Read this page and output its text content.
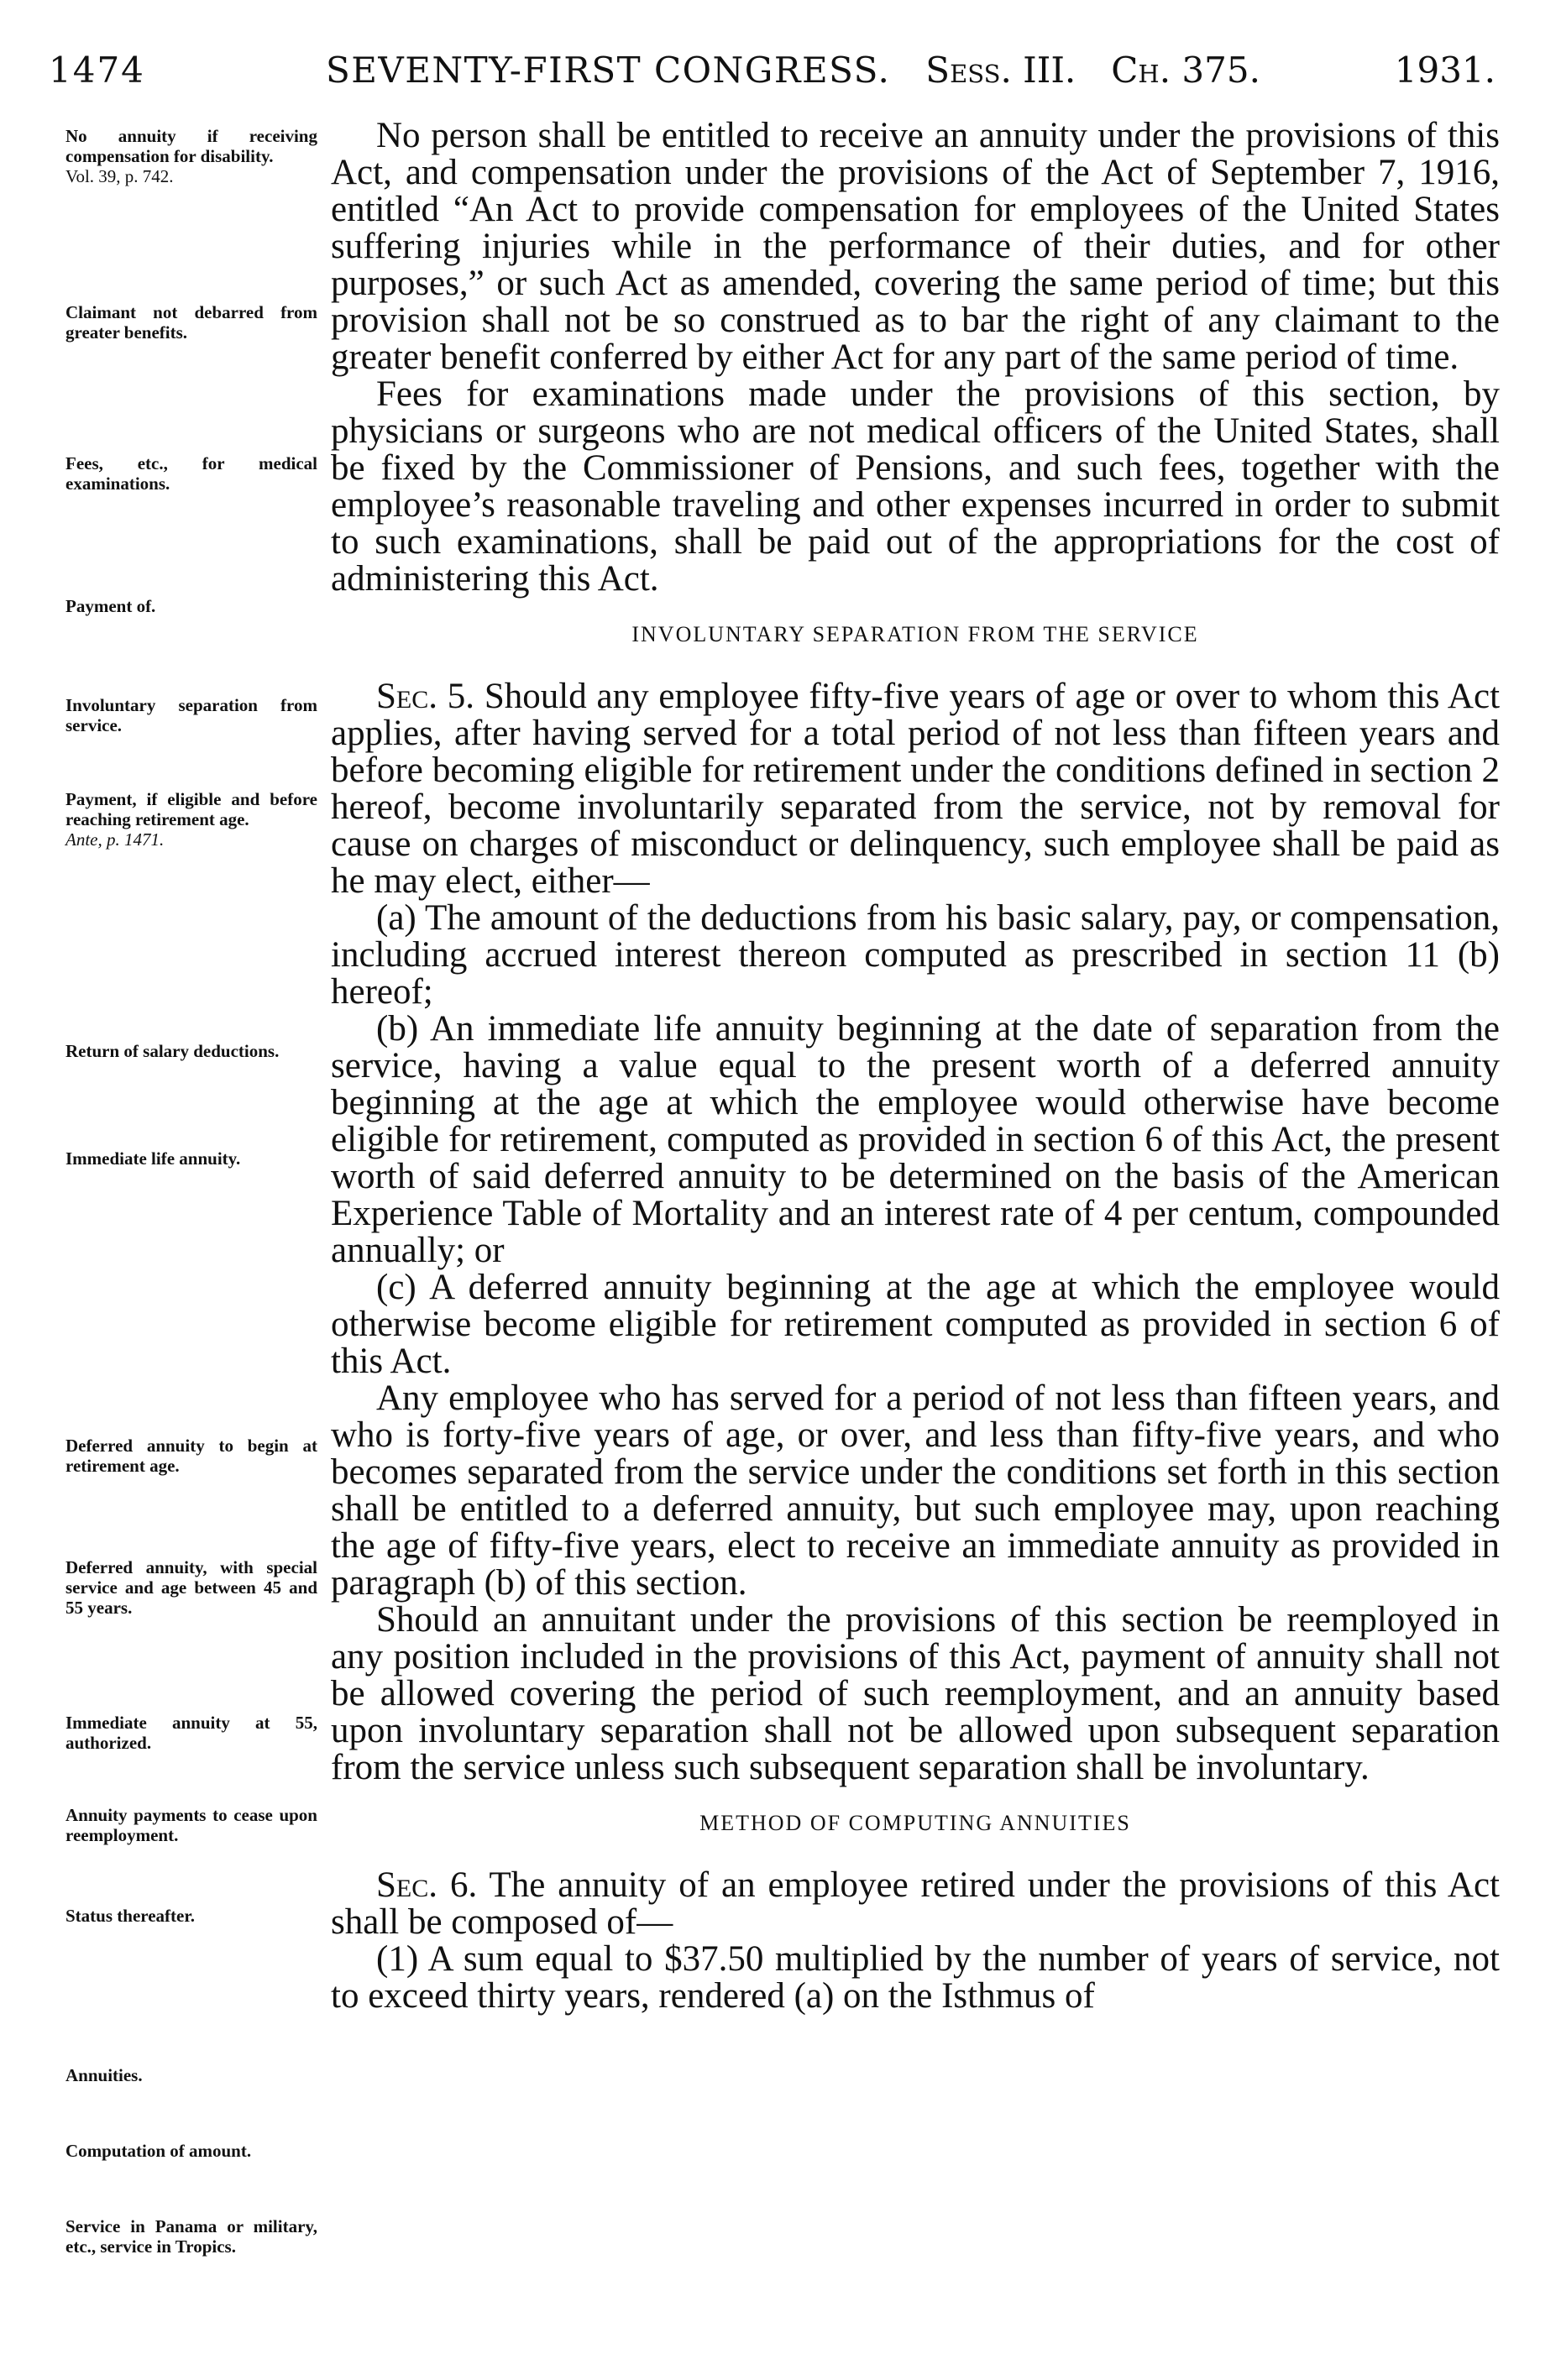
1474	SEVENTY-FIRST CONGRESS. Sess. III. Ch. 375.	1931.
No annuity if receiving compensation for disability.
Vol. 39, p. 742.
Claimant not debarred from greater benefits.
Fees, etc., for medical examinations.
Payment of.
Involuntary separation from service.
Payment, if eligible and before reaching retirement age.
Ante, p. 1471.
Return of salary deductions.
Immediate life annuity.
Deferred annuity to begin at retirement age.
Deferred annuity, with special service and age between 45 and 55 years.
Immediate annuity at 55, authorized.
Annuity payments to cease upon reemployment.
Status thereafter.
Annuities.
Computation of amount.
Service in Panama or military, etc., service in Tropics.

No person shall be entitled to receive an annuity under the provisions of this Act, and compensation under the provisions of the Act of September 7, 1916, entitled “An Act to provide compensation for employees of the United States suffering injuries while in the performance of their duties, and for other purposes,” or such Act as amended, covering the same period of time; but this provision shall not be so construed as to bar the right of any claimant to the greater benefit conferred by either Act for any part of the same period of time.

Fees for examinations made under the provisions of this section, by physicians or surgeons who are not medical officers of the United States, shall be fixed by the Commissioner of Pensions, and such fees, together with the employee’s reasonable traveling and other expenses incurred in order to submit to such examinations, shall be paid out of the appropriations for the cost of administering this Act.

INVOLUNTARY SEPARATION FROM THE SERVICE

Sec. 5. Should any employee fifty-five years of age or over to whom this Act applies, after having served for a total period of not less than fifteen years and before becoming eligible for retirement under the conditions defined in section 2 hereof, become involuntarily separated from the service, not by removal for cause on charges of misconduct or delinquency, such employee shall be paid as he may elect, either—

(a) The amount of the deductions from his basic salary, pay, or compensation, including accrued interest thereon computed as prescribed in section 11 (b) hereof;

(b) An immediate life annuity beginning at the date of separation from the service, having a value equal to the present worth of a deferred annuity beginning at the age at which the employee would otherwise have become eligible for retirement, computed as provided in section 6 of this Act, the present worth of said deferred annuity to be determined on the basis of the American Experience Table of Mortality and an interest rate of 4 per centum, compounded annually; or

(c) A deferred annuity beginning at the age at which the employee would otherwise become eligible for retirement computed as provided in section 6 of this Act.

Any employee who has served for a period of not less than fifteen years, and who is forty-five years of age, or over, and less than fifty-five years, and who becomes separated from the service under the conditions set forth in this section shall be entitled to a deferred annuity, but such employee may, upon reaching the age of fifty-five years, elect to receive an immediate annuity as provided in paragraph (b) of this section.

Should an annuitant under the provisions of this section be reemployed in any position included in the provisions of this Act, payment of annuity shall not be allowed covering the period of such reemployment, and an annuity based upon involuntary separation shall not be allowed upon subsequent separation from the service unless such subsequent separation shall be involuntary.

METHOD OF COMPUTING ANNUITIES

Sec. 6. The annuity of an employee retired under the provisions of this Act shall be composed of—

(1) A sum equal to $37.50 multiplied by the number of years of service, not to exceed thirty years, rendered (a) on the Isthmus of
